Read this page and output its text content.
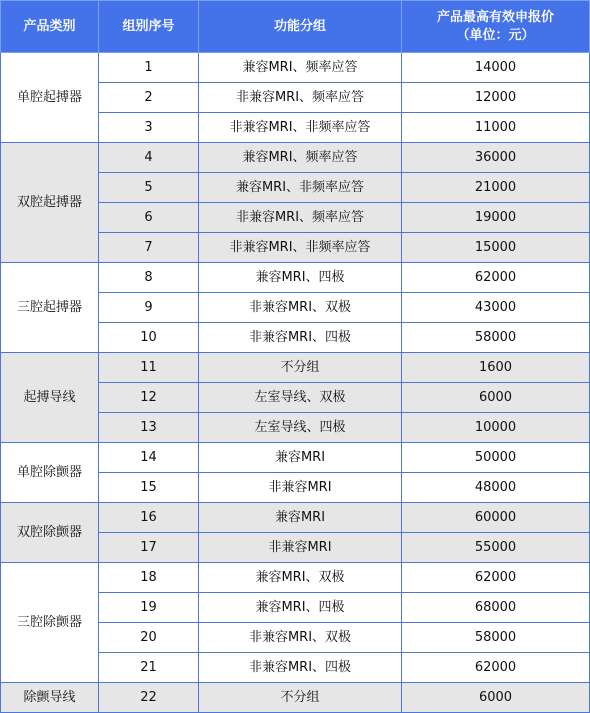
产品类别	组别序号	功能分组	产品最高有效申报价
（单位：元）

单腔起搏器	1	兼容MRI、频率应答	14000
	2	非兼容MRI、频率应答	12000
	3	非兼容MRI、非频率应答	11000
双腔起搏器	4	兼容MRI、频率应答	36000
	5	兼容MRI、非频率应答	21000
	6	非兼容MRI、频率应答	19000
	7	非兼容MRI、非频率应答	15000
三腔起搏器	8	兼容MRI、四极	62000
	9	非兼容MRI、双极	43000
	10	非兼容MRI、四极	58000
起搏导线	11	不分组	1600
	12	左室导线、双极	6000
	13	左室导线、四极	10000
单腔除颤器	14	兼容MRI	50000
	15	非兼容MRI	48000
双腔除颤器	16	兼容MRI	60000
	17	非兼容MRI	55000
三腔除颤器	18	兼容MRI、双极	62000
	19	兼容MRI、四极	68000
	20	非兼容MRI、双极	58000
	21	非兼容MRI、四极	62000
除颤导线	22	不分组	6000
